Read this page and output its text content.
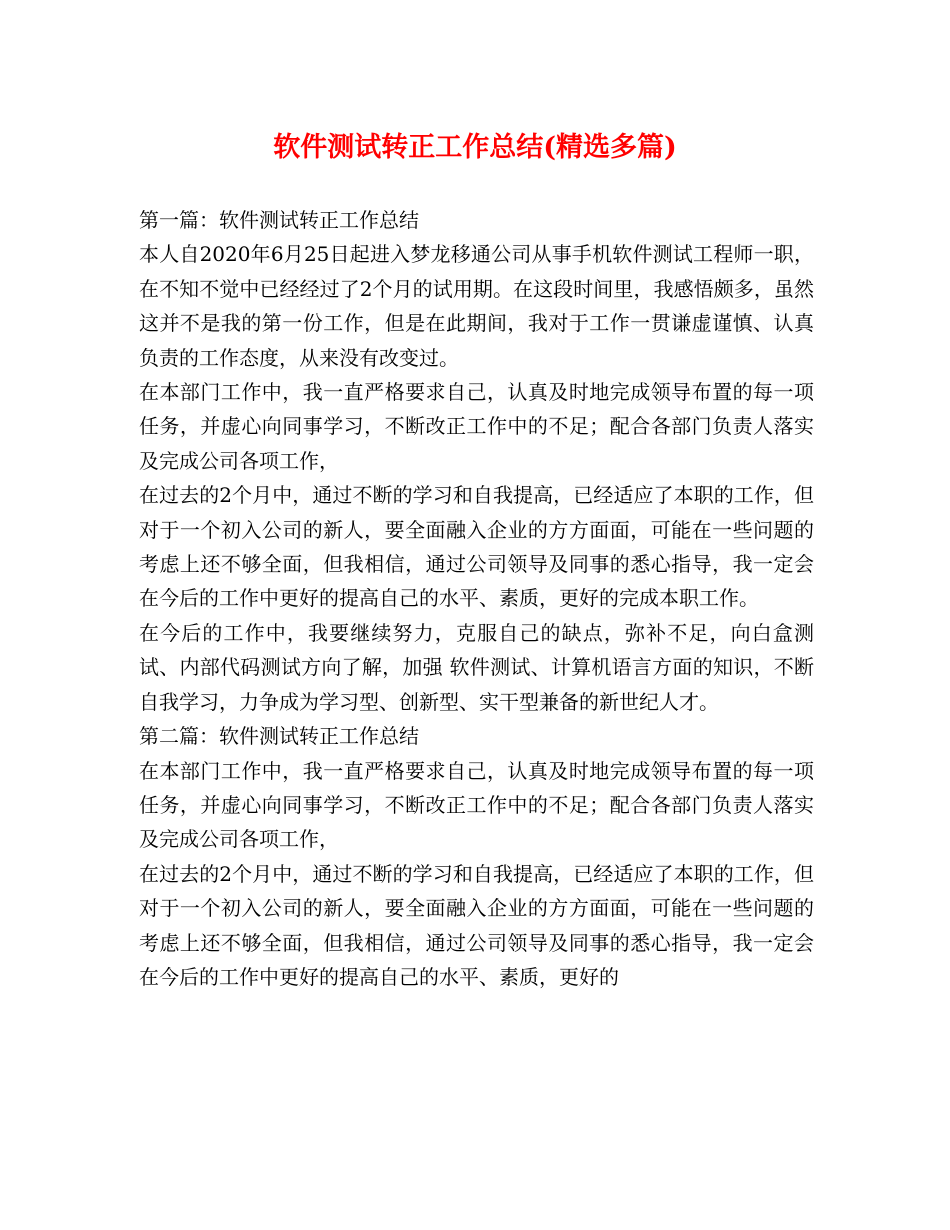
软件测试转正工作总结(精选多篇)

第一篇：软件测试转正工作总结

本人自2020年6月25日起进入梦龙移通公司从事手机软件测试工程师一职，在不知不觉中已经经过了2个月的试用期。在这段时间里，我感悟颇多，虽然这并不是我的第一份工作，但是在此期间，我对于工作一贯谦虚谨慎、认真负责的工作态度，从来没有改变过。

在本部门工作中，我一直严格要求自己，认真及时地完成领导布置的每一项任务，并虚心向同事学习，不断改正工作中的不足；配合各部门负责人落实及完成公司各项工作，

在过去的2个月中，通过不断的学习和自我提高，已经适应了本职的工作，但对于一个初入公司的新人，要全面融入企业的方方面面，可能在一些问题的考虑上还不够全面，但我相信，通过公司领导及同事的悉心指导，我一定会在今后的工作中更好的提高自己的水平、素质，更好的完成本职工作。

在今后的工作中，我要继续努力，克服自己的缺点，弥补不足，向白盒测试、内部代码测试方向了解，加强 软件测试、计算机语言方面的知识，不断自我学习，力争成为学习型、创新型、实干型兼备的新世纪人才。

第二篇：软件测试转正工作总结

在本部门工作中，我一直严格要求自己，认真及时地完成领导布置的每一项任务，并虚心向同事学习，不断改正工作中的不足；配合各部门负责人落实及完成公司各项工作，

在过去的2个月中，通过不断的学习和自我提高，已经适应了本职的工作，但对于一个初入公司的新人，要全面融入企业的方方面面，可能在一些问题的考虑上还不够全面，但我相信，通过公司领导及同事的悉心指导，我一定会在今后的工作中更好的提高自己的水平、素质，更好的
